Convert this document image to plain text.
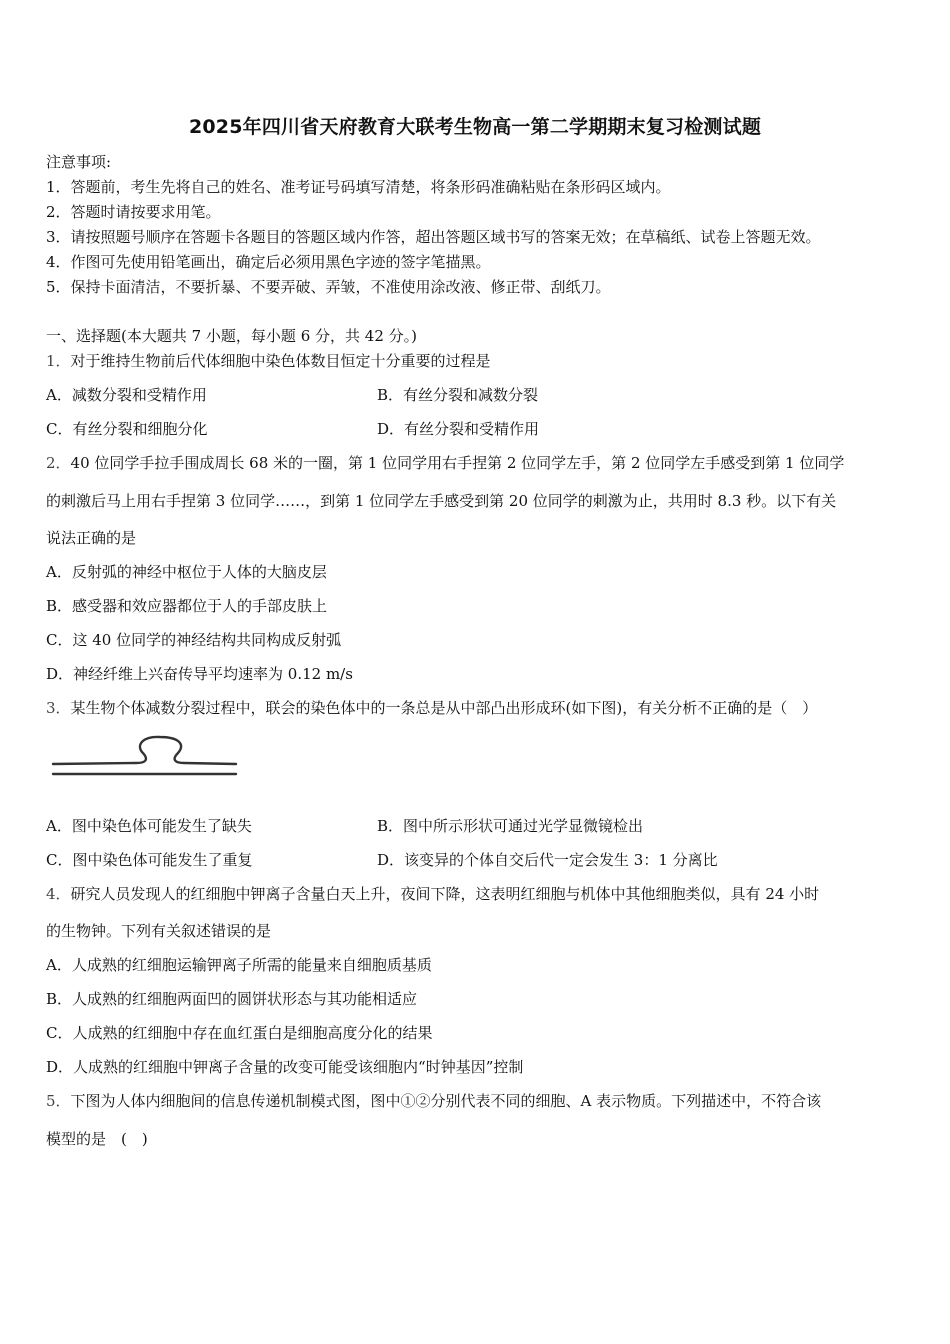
2025年四川省天府教育大联考生物高一第二学期期末复习检测试题
注意事项:
1．答题前，考生先将自己的姓名、准考证号码填写清楚，将条形码准确粘贴在条形码区域内。
2．答题时请按要求用笔。
3．请按照题号顺序在答题卡各题目的答题区域内作答，超出答题区域书写的答案无效；在草稿纸、试卷上答题无效。
4．作图可先使用铅笔画出，确定后必须用黑色字迹的签字笔描黑。
5．保持卡面清洁，不要折暴、不要弄破、弄皱，不准使用涂改液、修正带、刮纸刀。
一、选择题(本大题共 7 小题，每小题 6 分，共 42 分。)
1．对于维持生物前后代体细胞中染色体数目恒定十分重要的过程是
A．减数分裂和受精作用	B．有丝分裂和减数分裂
C．有丝分裂和细胞分化	D．有丝分裂和受精作用
2．40 位同学手拉手围成周长 68 米的一圈，第 1 位同学用右手捏第 2 位同学左手，第 2 位同学左手感受到第 1 位同学
的刺激后马上用右手捏第 3 位同学……，到第 1 位同学左手感受到第 20 位同学的刺激为止，共用时 8.3 秒。以下有关
说法正确的是
A．反射弧的神经中枢位于人体的大脑皮层
B．感受器和效应器都位于人的手部皮肤上
C．这 40 位同学的神经结构共同构成反射弧
D．神经纤维上兴奋传导平均速率为 0.12 m/s
3．某生物个体减数分裂过程中，联会的染色体中的一条总是从中部凸出形成环(如下图)，有关分析不正确的是（　）
A．图中染色体可能发生了缺失	B．图中所示形状可通过光学显微镜检出
C．图中染色体可能发生了重复	D．该变异的个体自交后代一定会发生 3：1 分离比
4．研究人员发现人的红细胞中钾离子含量白天上升，夜间下降，这表明红细胞与机体中其他细胞类似，具有 24 小时
的生物钟。下列有关叙述错误的是
A．人成熟的红细胞运输钾离子所需的能量来自细胞质基质
B．人成熟的红细胞两面凹的圆饼状形态与其功能相适应
C．人成熟的红细胞中存在血红蛋白是细胞高度分化的结果
D．人成熟的红细胞中钾离子含量的改变可能受该细胞内“时钟基因”控制
5．下图为人体内细胞间的信息传递机制模式图，图中①②分别代表不同的细胞、A 表示物质。下列描述中，不符合该
模型的是　(　)
